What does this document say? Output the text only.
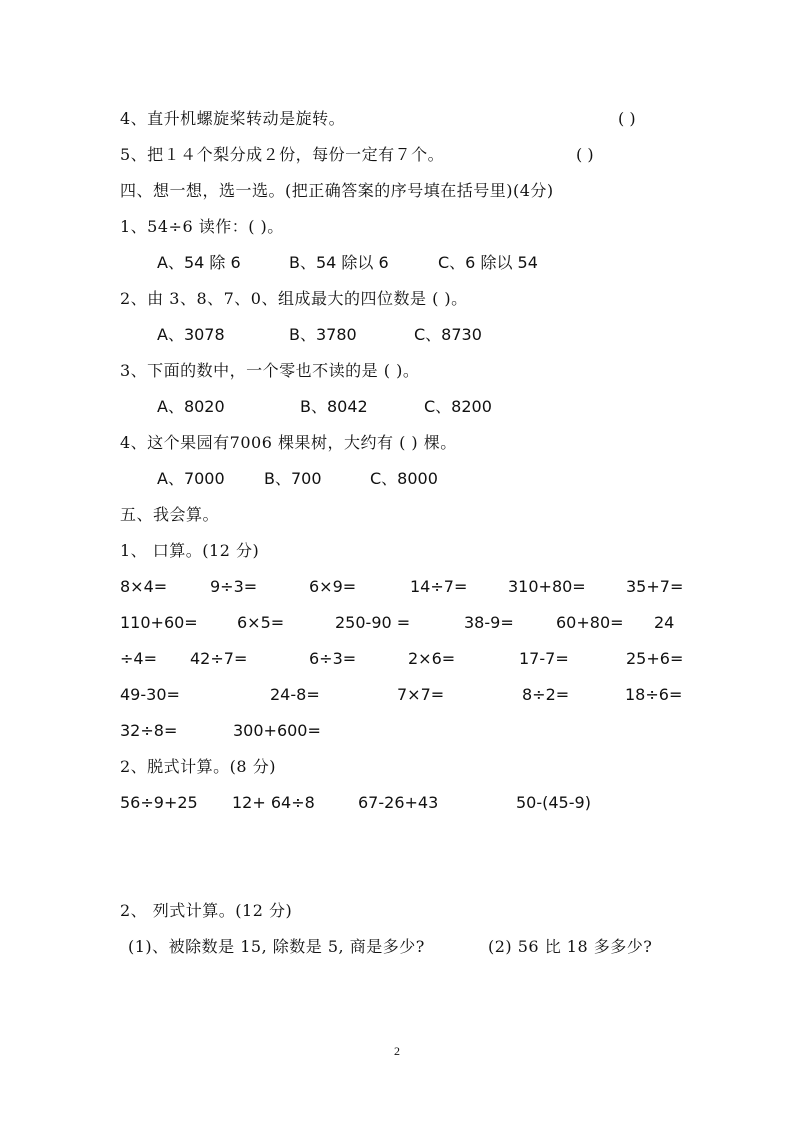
4、直升机螺旋桨转动是旋转。	( )
5、把１４个梨分成２份，每份一定有７个。	( )
四、想一想，选一选。(把正确答案的序号填在括号里)(4分)
1、54÷6 读作：( )。
A、54 除 6	B、54 除以 6	C、6 除以 54
2、由 3、8、7、0、组成最大的四位数是 ( )。
A、3078	B、3780	C、8730
3、下面的数中，一个零也不读的是 ( )。
A、8020	B、8042	C、8200
4、这个果园有7006 棵果树，大约有 ( ) 棵。
A、7000 B、700	C、8000
五、我会算。
1、 口算。(12 分)
8×4=	9÷3=	6×9=	14÷7=	310+80=	35+7=
110+60= 6×5=	250-90 =	38-9=	60+80= 24
÷4= 42÷7=	6÷3=	2×6=	17-7=	25+6=
49-30=	24-8=	7×7=	8÷2=	18÷6=
32÷8=	300+600=
2、脱式计算。(8 分)
56÷9+25 12+ 64÷8	67-26+43	50-(45-9)
2、 列式计算。(12 分)
(1)、被除数是 15, 除数是 5, 商是多少?	(2) 56 比 18 多多少?
2
